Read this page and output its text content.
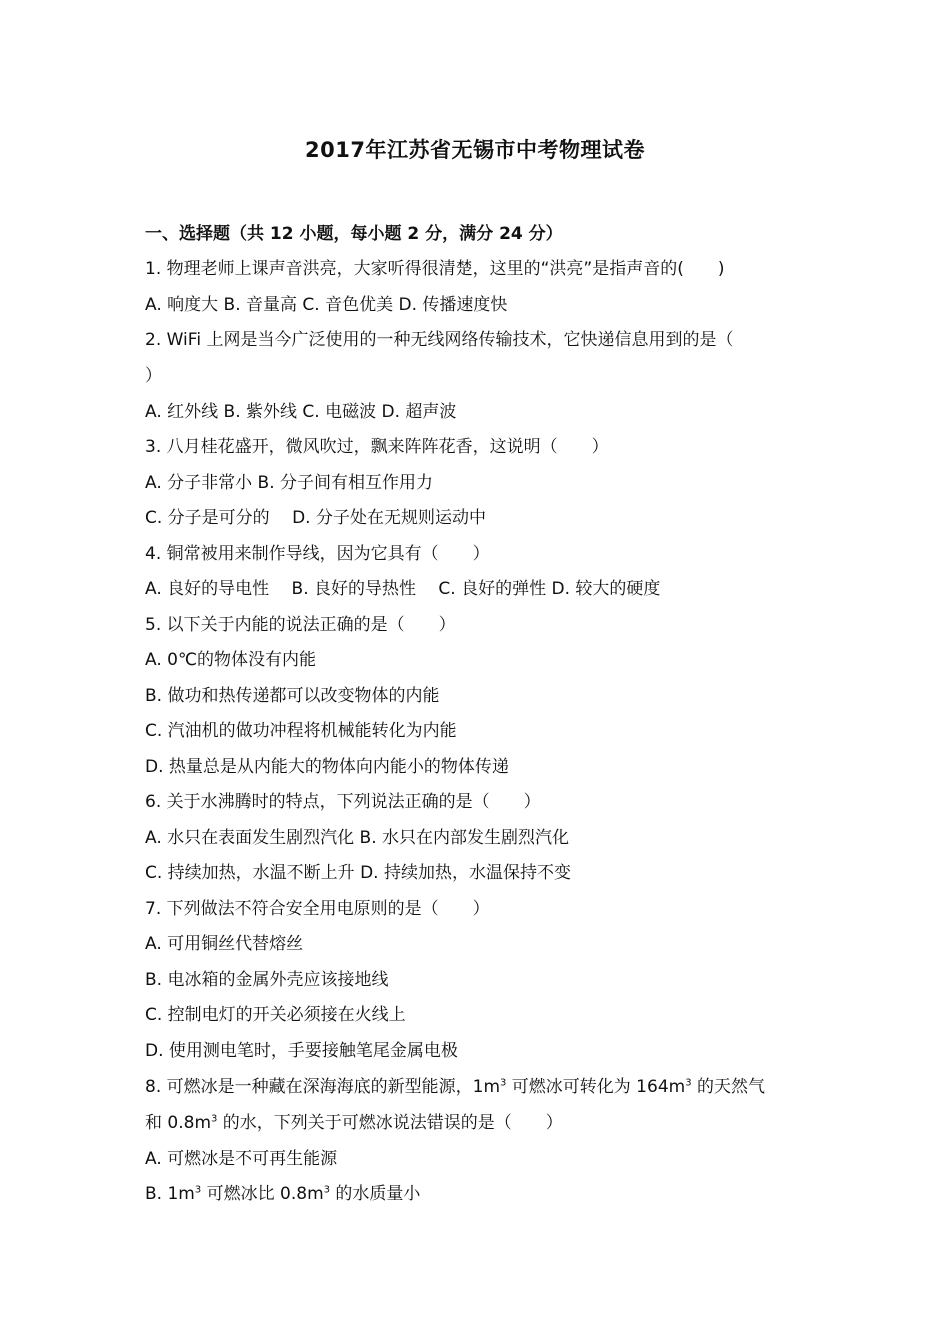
2017年江苏省无锡市中考物理试卷
一、选择题（共 12 小题，每小题 2 分，满分 24 分）
1. 物理老师上课声音洪亮，大家听得很清楚，这里的“洪亮”是指声音的(　　)
A. 响度大 B. 音量高 C. 音色优美 D. 传播速度快
2. WiFi 上网是当今广泛使用的一种无线网络传输技术，它快递信息用到的是（
）
A. 红外线 B. 紫外线 C. 电磁波 D. 超声波
3. 八月桂花盛开，微风吹过，飘来阵阵花香，这说明（　　）
A. 分子非常小 B. 分子间有相互作用力
C. 分子是可分的　 D. 分子处在无规则运动中
4. 铜常被用来制作导线，因为它具有（　　）
A. 良好的导电性　 B. 良好的导热性　 C. 良好的弹性 D. 较大的硬度
5. 以下关于内能的说法正确的是（　　）
A. 0℃的物体没有内能
B. 做功和热传递都可以改变物体的内能
C. 汽油机的做功冲程将机械能转化为内能
D. 热量总是从内能大的物体向内能小的物体传递
6. 关于水沸腾时的特点，下列说法正确的是（　　）
A. 水只在表面发生剧烈汽化 B. 水只在内部发生剧烈汽化
C. 持续加热，水温不断上升 D. 持续加热，水温保持不变
7. 下列做法不符合安全用电原则的是（　　）
A. 可用铜丝代替熔丝
B. 电冰箱的金属外壳应该接地线
C. 控制电灯的开关必须接在火线上
D. 使用测电笔时，手要接触笔尾金属电极
8. 可燃冰是一种藏在深海海底的新型能源，$1m^3$ 可燃冰可转化为 $164m^3$ 的天然气
和 $0.8m^3$ 的水，下列关于可燃冰说法错误的是（　　）
A. 可燃冰是不可再生能源
B. $1m^3$ 可燃冰比 $0.8m^3$ 的水质量小
